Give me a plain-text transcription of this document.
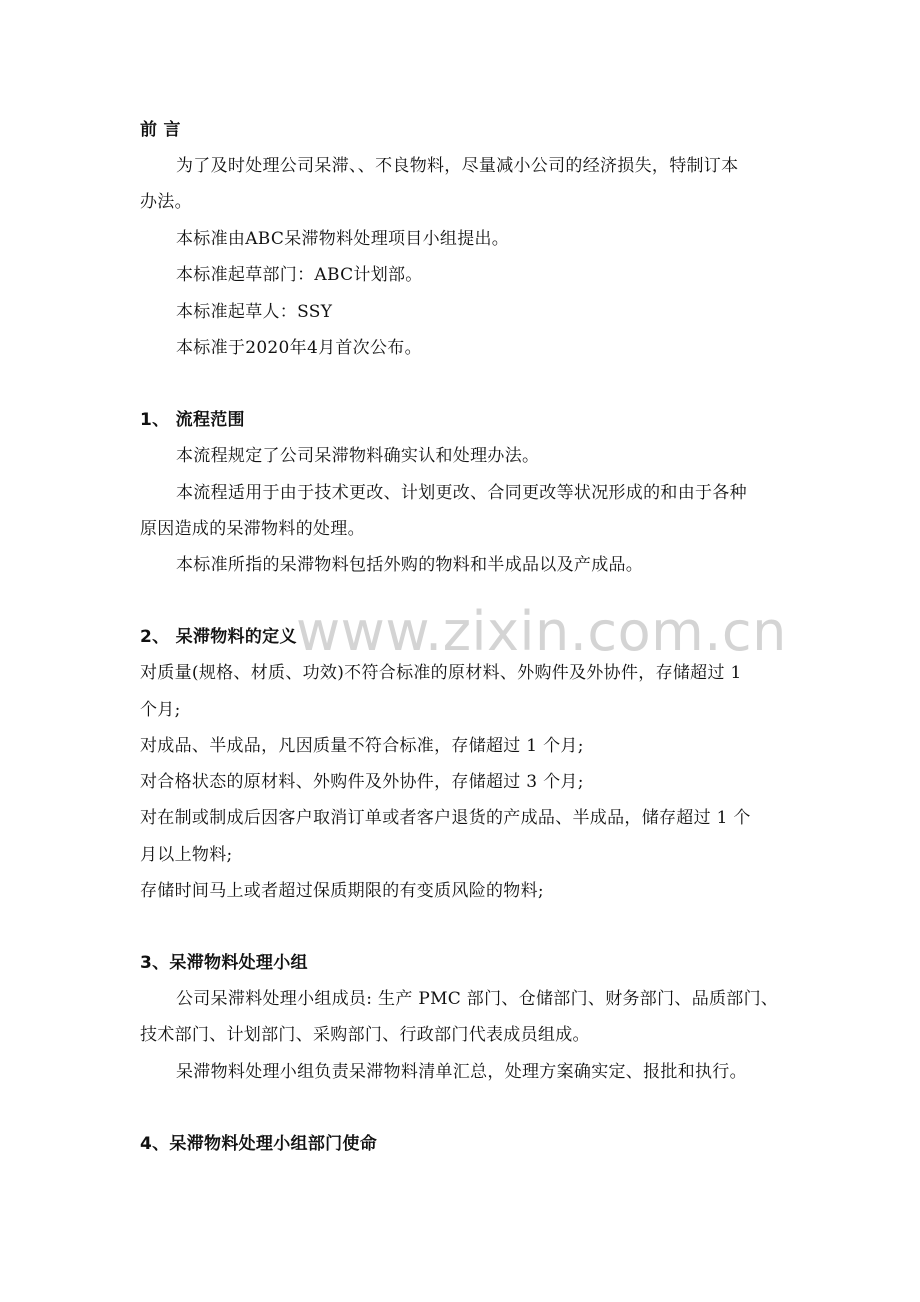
www.zixin.com.cn
前 言
为了及时处理公司呆滞、、不良物料，尽量减小公司的经济损失，特制订本
办法。
本标准由ABC呆滞物料处理项目小组提出。
本标准起草部门：ABC计划部。
本标准起草人：SSY
本标准于2020年4月首次公布。
1、 流程范围
本流程规定了公司呆滞物料确实认和处理办法。
本流程适用于由于技术更改、计划更改、合同更改等状况形成的和由于各种
原因造成的呆滞物料的处理。
本标准所指的呆滞物料包括外购的物料和半成品以及产成品。
2、 呆滞物料的定义
对质量(规格、材质、功效)不符合标准的原材料、外购件及外协件，存储超过 1
个月;
对成品、半成品，凡因质量不符合标准，存储超过 1 个月;
对合格状态的原材料、外购件及外协件，存储超过 3 个月;
对在制或制成后因客户取消订单或者客户退货的产成品、半成品，储存超过 1 个
月以上物料;
存储时间马上或者超过保质期限的有变质风险的物料;
3、呆滞物料处理小组
公司呆滞料处理小组成员: 生产 PMC 部门、仓储部门、财务部门、品质部门、
技术部门、计划部门、采购部门、行政部门代表成员组成。
呆滞物料处理小组负责呆滞物料清单汇总，处理方案确实定、报批和执行。
4、呆滞物料处理小组部门使命
